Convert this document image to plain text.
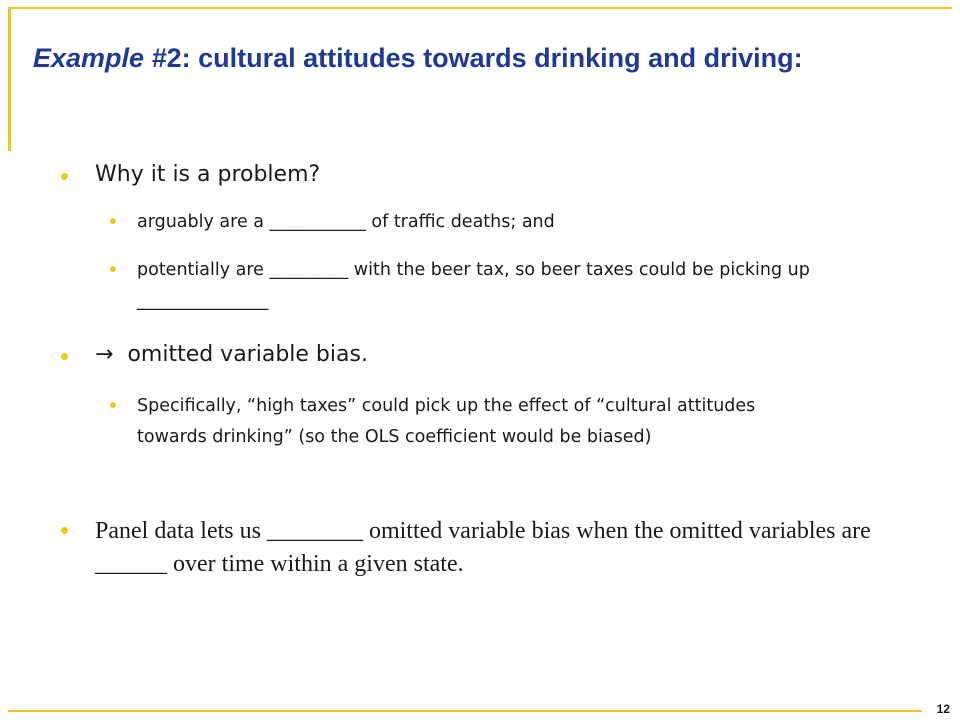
Example #2: cultural attitudes towards drinking and driving:
Why it is a problem?
arguably are a ___________ of traffic deaths; and
potentially are _________ with the beer tax, so beer taxes could be picking up _______________
→ omitted variable bias.
Specifically, “high taxes” could pick up the effect of “cultural attitudes towards drinking” (so the OLS coefficient would be biased)
Panel data lets us ________ omitted variable bias when the omitted variables are ______ over time within a given state.
12
